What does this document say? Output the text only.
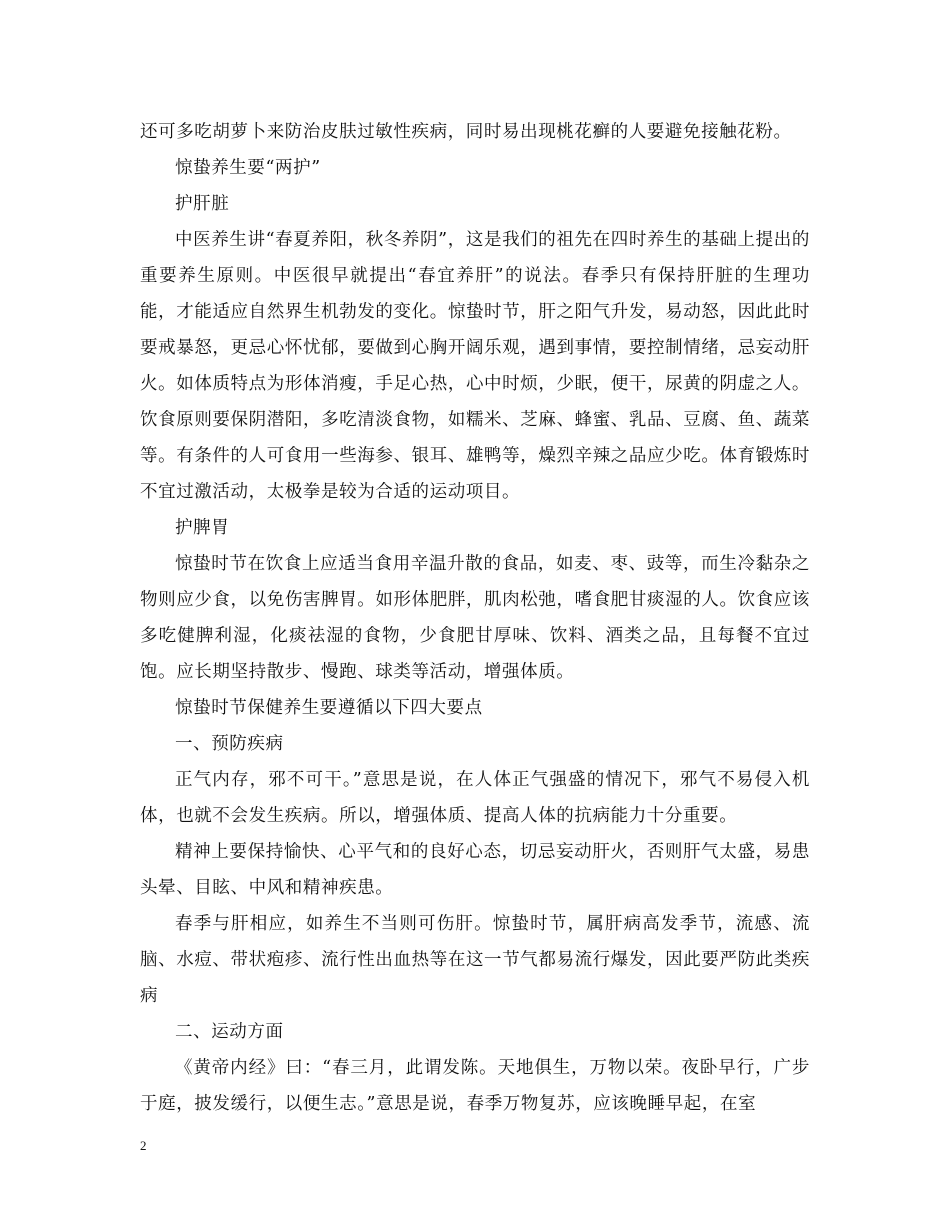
还可多吃胡萝卜来防治皮肤过敏性疾病，同时易出现桃花癣的人要避免接触花粉。

惊蛰养生要“两护”

护肝脏

中医养生讲“春夏养阳，秋冬养阴”，这是我们的祖先在四时养生的基础上提出的重要养生原则。中医很早就提出“春宜养肝”的说法。春季只有保持肝脏的生理功能，才能适应自然界生机勃发的变化。惊蛰时节，肝之阳气升发，易动怒，因此此时要戒暴怒，更忌心怀忧郁，要做到心胸开阔乐观，遇到事情，要控制情绪，忌妄动肝火。如体质特点为形体消瘦，手足心热，心中时烦，少眠，便干，尿黄的阴虚之人。饮食原则要保阴潜阳，多吃清淡食物，如糯米、芝麻、蜂蜜、乳品、豆腐、鱼、蔬菜等。有条件的人可食用一些海参、银耳、雄鸭等，燥烈辛辣之品应少吃。体育锻炼时不宜过激活动，太极拳是较为合适的运动项目。

护脾胃

惊蛰时节在饮食上应适当食用辛温升散的食品，如麦、枣、豉等，而生冷黏杂之物则应少食，以免伤害脾胃。如形体肥胖，肌肉松弛，嗜食肥甘痰湿的人。饮食应该多吃健脾利湿，化痰祛湿的食物，少食肥甘厚味、饮料、酒类之品，且每餐不宜过饱。应长期坚持散步、慢跑、球类等活动，增强体质。

惊蛰时节保健养生要遵循以下四大要点

一、预防疾病

正气内存，邪不可干。”意思是说，在人体正气强盛的情况下，邪气不易侵入机体，也就不会发生疾病。所以，增强体质、提高人体的抗病能力十分重要。

精神上要保持愉快、心平气和的良好心态，切忌妄动肝火，否则肝气太盛，易患头晕、目眩、中风和精神疾患。

春季与肝相应，如养生不当则可伤肝。惊蛰时节，属肝病高发季节，流感、流脑、水痘、带状疱疹、流行性出血热等在这一节气都易流行爆发，因此要严防此类疾病

二、运动方面

《黄帝内经》曰：“春三月，此谓发陈。天地俱生，万物以荣。夜卧早行，广步于庭，披发缓行，以便生志。”意思是说，春季万物复苏，应该晚睡早起，在室

2
